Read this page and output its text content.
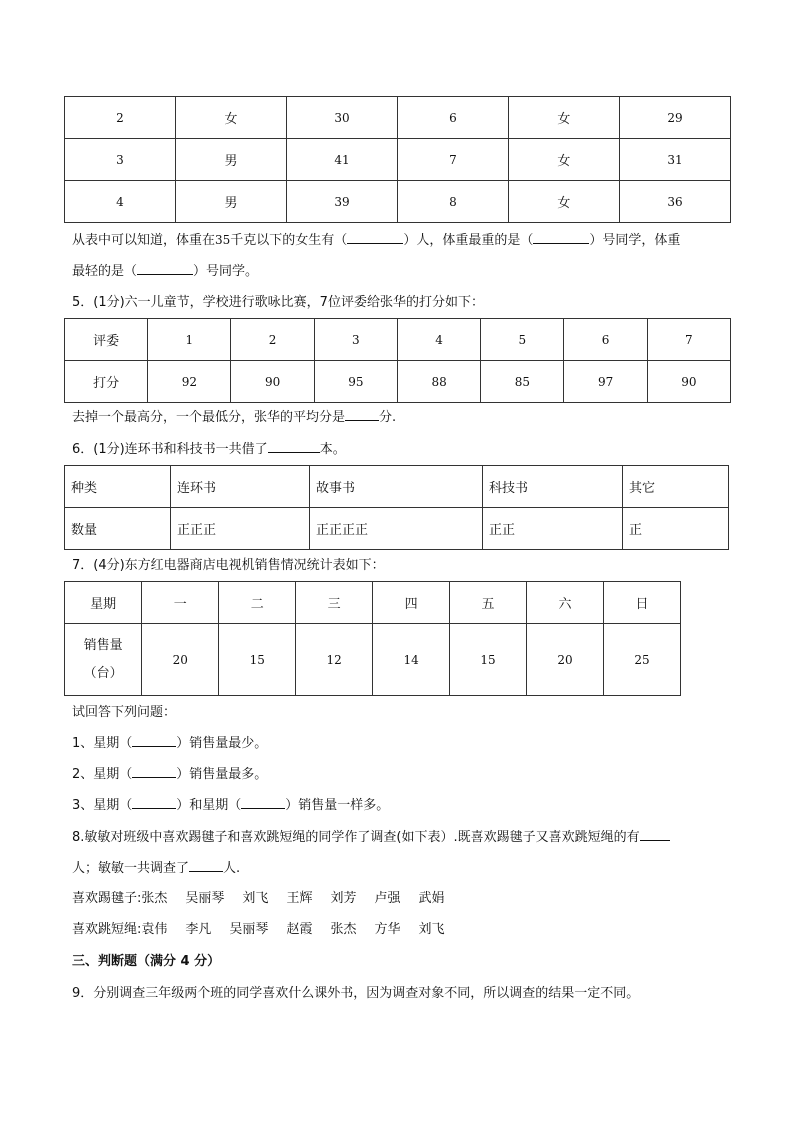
2	女	30	6	女	29
3	男	41	7	女	31
4	男	39	8	女	36
从表中可以知道，体重在35千克以下的女生有（	）人，体重最重的是（	）号同学，体重
最轻的是（	）号同学。
5．(1分)六一儿童节，学校进行歌咏比赛，7位评委给张华的打分如下：
评委	1	2	3	4	5	6	7
打分	92	90	95	88	85	97	90
去掉一个最高分，一个最低分，张华的平均分是	分.
6．(1分)连环书和科技书一共借了	本。
种类	连环书	故事书	科技书	其它
数量	正正正	正正正正	正正	正
7．(4分)东方红电器商店电视机销售情况统计表如下：
星期	一	二	三	四	五	六	日

销售量
（台）	20	15	12	14	15	20	25
试回答下列问题：
1、星期（	）销售量最少。
2、星期（	）销售量最多。
3、星期（	）和星期（	）销售量一样多。
8.敏敏对班级中喜欢踢毽子和喜欢跳短绳的同学作了调查(如下表）.既喜欢踢毽子又喜欢跳短绳的有
人；敏敏一共调查了	人.
喜欢踢毽子:张杰 吴丽琴 刘飞 王辉 刘芳 卢强 武娟
喜欢跳短绳:袁伟 李凡 吴丽琴 赵霞 张杰 方华 刘飞
三、判断题（满分 4 分）
9．分别调查三年级两个班的同学喜欢什么课外书，因为调查对象不同，所以调查的结果一定不同。
